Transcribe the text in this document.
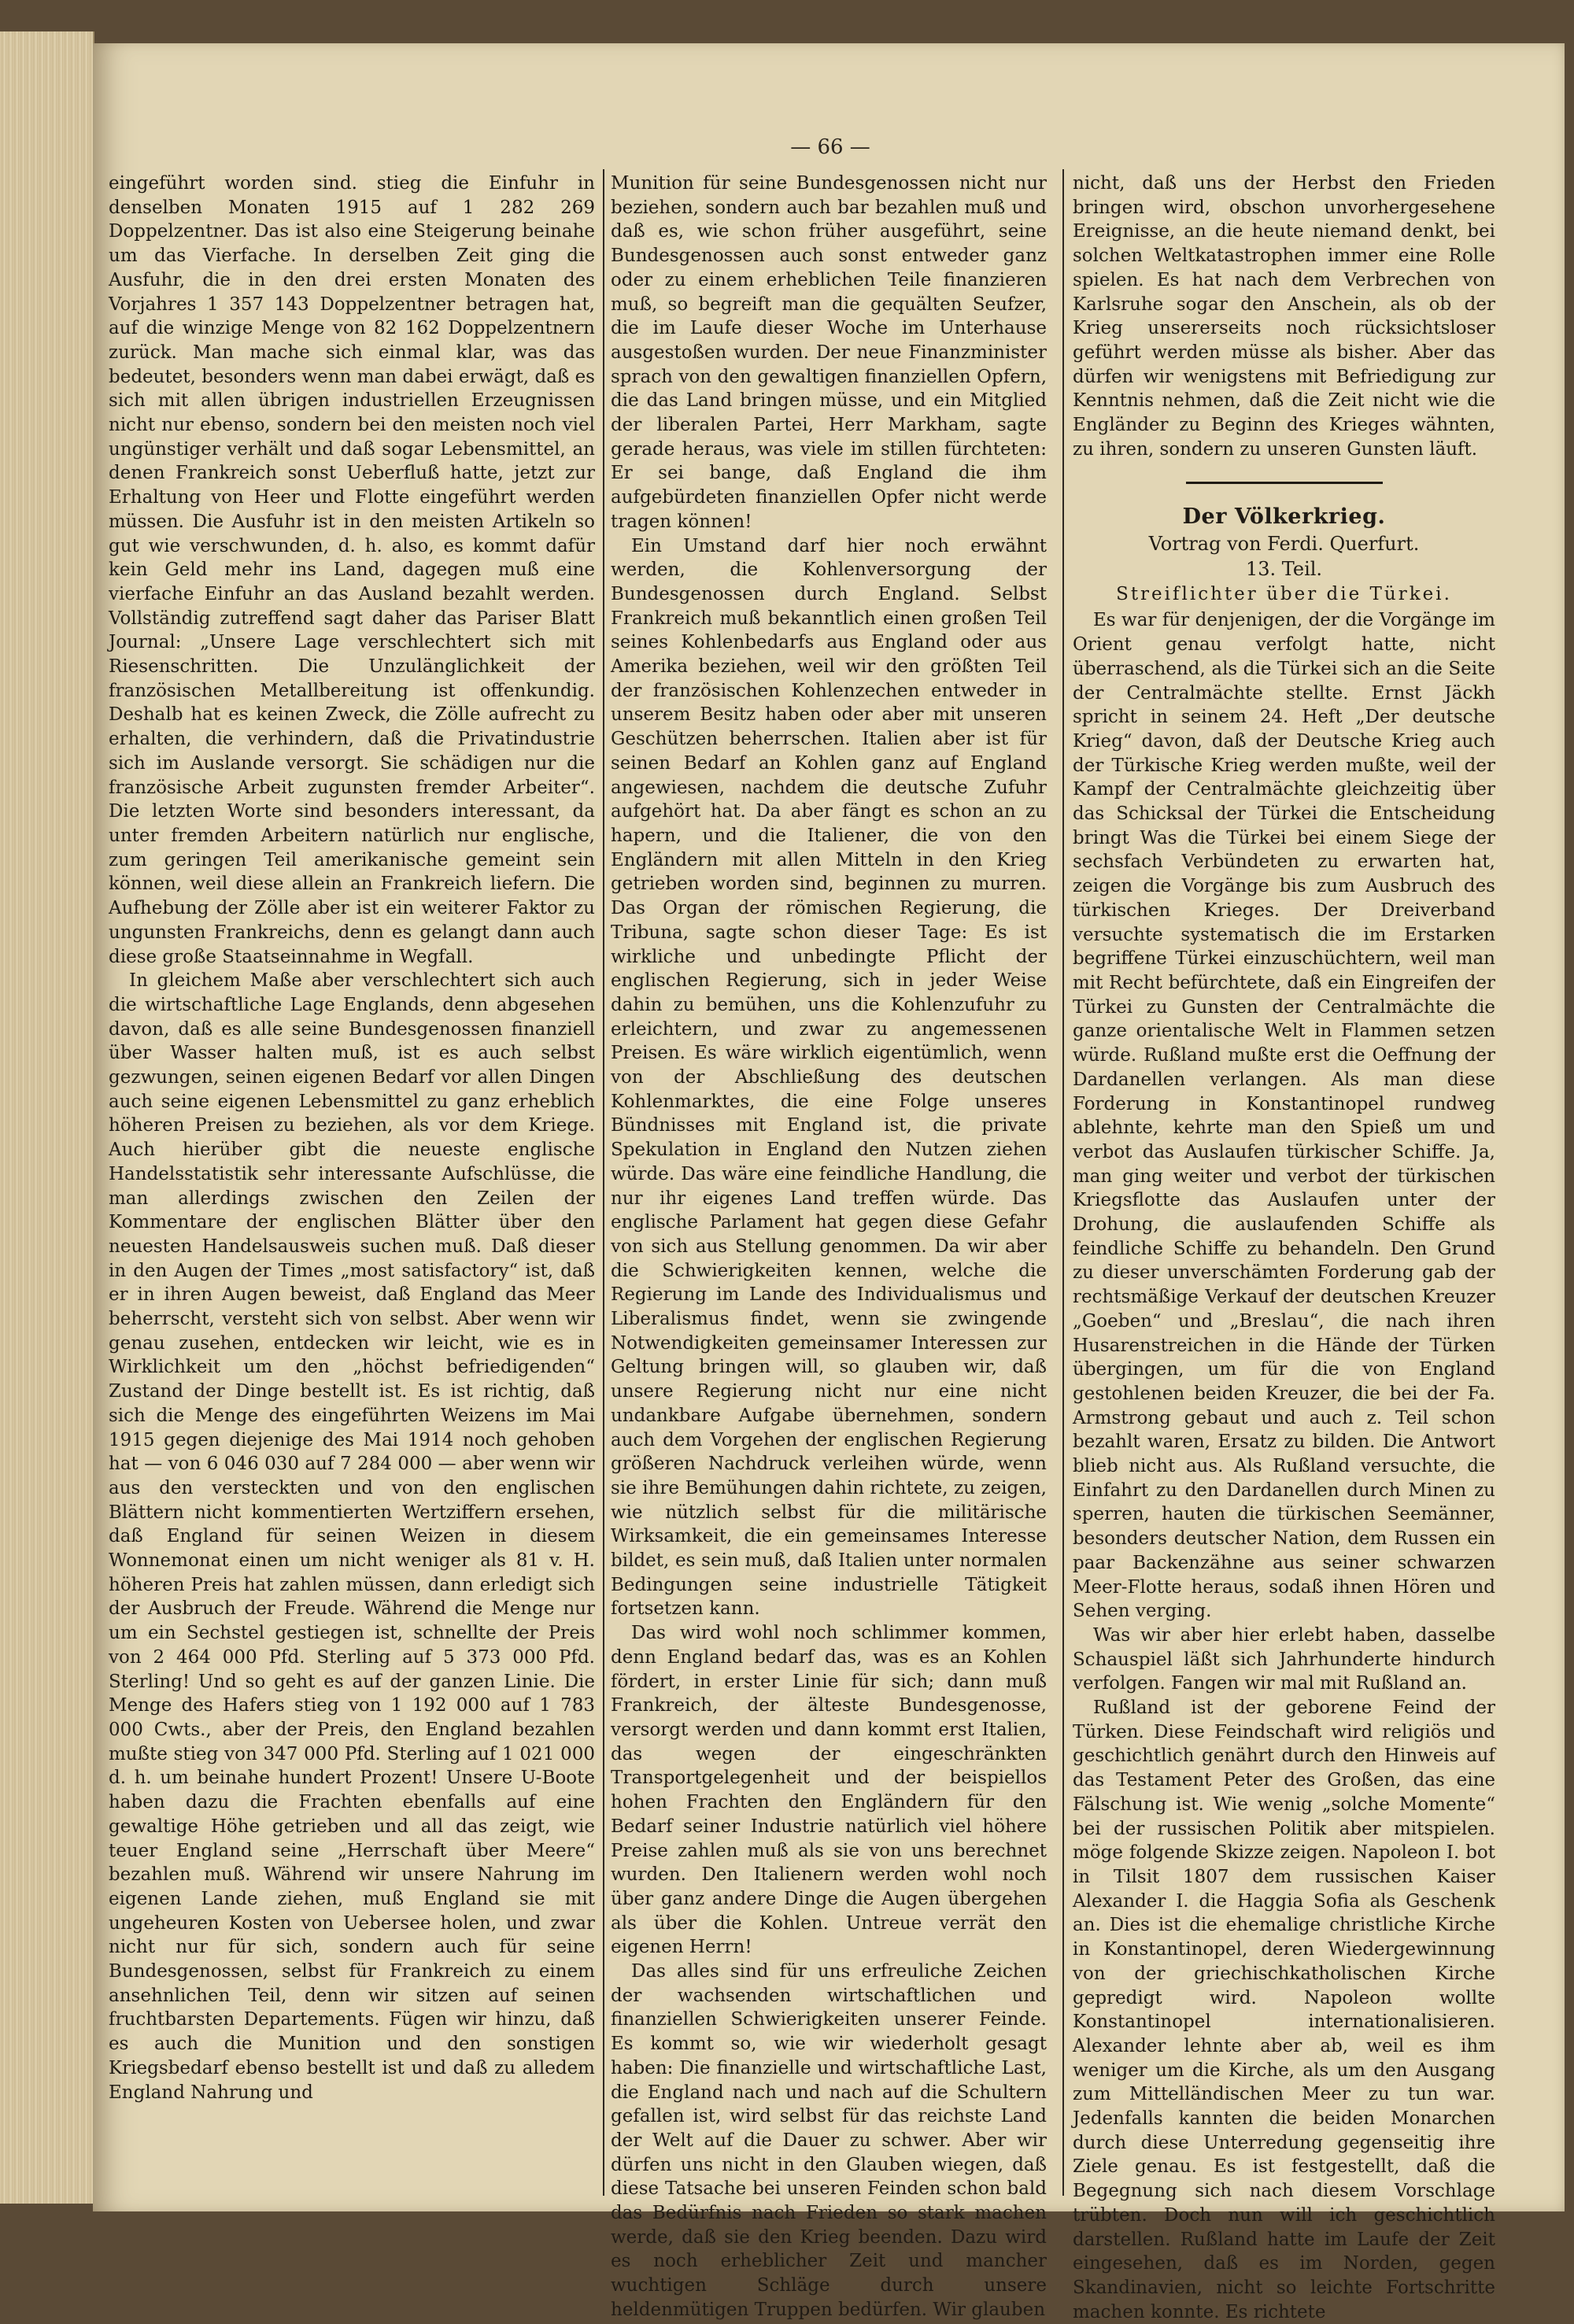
— 66 —

eingeführt worden sind. stieg die Einfuhr in denselben Monaten 1915 auf 1 282 269 Doppelzentner. Das ist also eine Steigerung beinahe um das Vierfache. In derselben Zeit ging die Ausfuhr, die in den drei ersten Monaten des Vorjahres 1 357 143 Doppelzentner betragen hat, auf die winzige Menge von 82 162 Doppelzentnern zurück. Man mache sich einmal klar, was das bedeutet, besonders wenn man dabei erwägt, daß es sich mit allen übrigen industriellen Erzeugnissen nicht nur ebenso, sondern bei den meisten noch viel ungünstiger verhält und daß sogar Lebensmittel, an denen Frankreich sonst Ueberfluß hatte, jetzt zur Erhaltung von Heer und Flotte eingeführt werden müssen. Die Ausfuhr ist in den meisten Artikeln so gut wie verschwunden, d. h. also, es kommt dafür kein Geld mehr ins Land, dagegen muß eine vierfache Einfuhr an das Ausland bezahlt werden. Vollständig zutreffend sagt daher das Pariser Blatt Journal: „Unsere Lage verschlechtert sich mit Riesenschritten. Die Unzulänglichkeit der französischen Metallbereitung ist offenkundig. Deshalb hat es keinen Zweck, die Zölle aufrecht zu erhalten, die verhindern, daß die Privatindustrie sich im Auslande versorgt. Sie schädigen nur die französische Arbeit zugunsten fremder Arbeiter“. Die letzten Worte sind besonders interessant, da unter fremden Arbeitern natürlich nur englische, zum geringen Teil amerikanische gemeint sein können, weil diese allein an Frankreich liefern. Die Aufhebung der Zölle aber ist ein weiterer Faktor zu ungunsten Frankreichs, denn es gelangt dann auch diese große Staatseinnahme in Wegfall.

In gleichem Maße aber verschlechtert sich auch die wirtschaftliche Lage Englands, denn abgesehen davon, daß es alle seine Bundesgenossen finanziell über Wasser halten muß, ist es auch selbst gezwungen, seinen eigenen Bedarf vor allen Dingen auch seine eigenen Lebensmittel zu ganz erheblich höheren Preisen zu beziehen, als vor dem Kriege. Auch hierüber gibt die neueste englische Handelsstatistik sehr interessante Aufschlüsse, die man allerdings zwischen den Zeilen der Kommentare der englischen Blätter über den neuesten Handelsausweis suchen muß. Daß dieser in den Augen der Times „most satisfactory“ ist, daß er in ihren Augen beweist, daß England das Meer beherrscht, versteht sich von selbst. Aber wenn wir genau zusehen, entdecken wir leicht, wie es in Wirklichkeit um den „höchst befriedigenden“ Zustand der Dinge bestellt ist. Es ist richtig, daß sich die Menge des eingeführten Weizens im Mai 1915 gegen diejenige des Mai 1914 noch gehoben hat — von 6 046 030 auf 7 284 000 — aber wenn wir aus den versteckten und von den englischen Blättern nicht kommentierten Wertziffern ersehen, daß England für seinen Weizen in diesem Wonnemonat einen um nicht weniger als 81 v. H. höheren Preis hat zahlen müssen, dann erledigt sich der Ausbruch der Freude. Während die Menge nur um ein Sechstel gestiegen ist, schnellte der Preis von 2 464 000 Pfd. Sterling auf 5 373 000 Pfd. Sterling! Und so geht es auf der ganzen Linie. Die Menge des Hafers stieg von 1 192 000 auf 1 783 000 Cwts., aber der Preis, den England bezahlen mußte stieg von 347 000 Pfd. Sterling auf 1 021 000 d. h. um beinahe hundert Prozent! Unsere U-Boote haben dazu die Frachten ebenfalls auf eine gewaltige Höhe getrieben und all das zeigt, wie teuer England seine „Herrschaft über Meere“ bezahlen muß. Während wir unsere Nahrung im eigenen Lande ziehen, muß England sie mit ungeheuren Kosten von Uebersee holen, und zwar nicht nur für sich, sondern auch für seine Bundesgenossen, selbst für Frankreich zu einem ansehnlichen Teil, denn wir sitzen auf seinen fruchtbarsten Departements. Fügen wir hinzu, daß es auch die Munition und den sonstigen Kriegsbedarf ebenso bestellt ist und daß zu alledem England Nahrung und

Munition für seine Bundesgenossen nicht nur beziehen, sondern auch bar bezahlen muß und daß es, wie schon früher ausgeführt, seine Bundesgenossen auch sonst entweder ganz oder zu einem erheblichen Teile finanzieren muß, so begreift man die gequälten Seufzer, die im Laufe dieser Woche im Unterhause ausgestoßen wurden. Der neue Finanzminister sprach von den gewaltigen finanziellen Opfern, die das Land bringen müsse, und ein Mitglied der liberalen Partei, Herr Markham, sagte gerade heraus, was viele im stillen fürchteten: Er sei bange, daß England die ihm aufgebürdeten finanziellen Opfer nicht werde tragen können!

Ein Umstand darf hier noch erwähnt werden, die Kohlenversorgung der Bundesgenossen durch England. Selbst Frankreich muß bekanntlich einen großen Teil seines Kohlenbedarfs aus England oder aus Amerika beziehen, weil wir den größten Teil der französischen Kohlenzechen entweder in unserem Besitz haben oder aber mit unseren Geschützen beherrschen. Italien aber ist für seinen Bedarf an Kohlen ganz auf England angewiesen, nachdem die deutsche Zufuhr aufgehört hat. Da aber fängt es schon an zu hapern, und die Italiener, die von den Engländern mit allen Mitteln in den Krieg getrieben worden sind, beginnen zu murren. Das Organ der römischen Regierung, die Tribuna, sagte schon dieser Tage: Es ist wirkliche und unbedingte Pflicht der englischen Regierung, sich in jeder Weise dahin zu bemühen, uns die Kohlenzufuhr zu erleichtern, und zwar zu angemessenen Preisen. Es wäre wirklich eigentümlich, wenn von der Abschließung des deutschen Kohlenmarktes, die eine Folge unseres Bündnisses mit England ist, die private Spekulation in England den Nutzen ziehen würde. Das wäre eine feindliche Handlung, die nur ihr eigenes Land treffen würde. Das englische Parlament hat gegen diese Gefahr von sich aus Stellung genommen. Da wir aber die Schwierigkeiten kennen, welche die Regierung im Lande des Individualismus und Liberalismus findet, wenn sie zwingende Notwendigkeiten gemeinsamer Interessen zur Geltung bringen will, so glauben wir, daß unsere Regierung nicht nur eine nicht undankbare Aufgabe übernehmen, sondern auch dem Vorgehen der englischen Regierung größeren Nachdruck verleihen würde, wenn sie ihre Bemühungen dahin richtete, zu zeigen, wie nützlich selbst für die militärische Wirksamkeit, die ein gemeinsames Interesse bildet, es sein muß, daß Italien unter normalen Bedingungen seine industrielle Tätigkeit fortsetzen kann.

Das wird wohl noch schlimmer kommen, denn England bedarf das, was es an Kohlen fördert, in erster Linie für sich; dann muß Frankreich, der älteste Bundesgenosse, versorgt werden und dann kommt erst Italien, das wegen der eingeschränkten Transportgelegenheit und der beispiellos hohen Frachten den Engländern für den Bedarf seiner Industrie natürlich viel höhere Preise zahlen muß als sie von uns berechnet wurden. Den Italienern werden wohl noch über ganz andere Dinge die Augen übergehen als über die Kohlen. Untreue verrät den eigenen Herrn!

Das alles sind für uns erfreuliche Zeichen der wachsenden wirtschaftlichen und finanziellen Schwierigkeiten unserer Feinde. Es kommt so, wie wir wiederholt gesagt haben: Die finanzielle und wirtschaftliche Last, die England nach und nach auf die Schultern gefallen ist, wird selbst für das reichste Land der Welt auf die Dauer zu schwer. Aber wir dürfen uns nicht in den Glauben wiegen, daß diese Tatsache bei unseren Feinden schon bald das Bedürfnis nach Frieden so stark machen werde, daß sie den Krieg beenden. Dazu wird es noch erheblicher Zeit und mancher wuchtigen Schläge durch unsere heldenmütigen Truppen bedürfen. Wir glauben

nicht, daß uns der Herbst den Frieden bringen wird, obschon unvorhergesehene Ereignisse, an die heute niemand denkt, bei solchen Weltkatastrophen immer eine Rolle spielen. Es hat nach dem Verbrechen von Karlsruhe sogar den Anschein, als ob der Krieg unsererseits noch rücksichtsloser geführt werden müsse als bisher. Aber das dürfen wir wenigstens mit Befriedigung zur Kenntnis nehmen, daß die Zeit nicht wie die Engländer zu Beginn des Krieges wähnten, zu ihren, sondern zu unseren Gunsten läuft.

Der Völkerkrieg.
Vortrag von Ferdi. Querfurt.
13. Teil.
Streiflichter über die Türkei.

Es war für denjenigen, der die Vorgänge im Orient genau verfolgt hatte, nicht überraschend, als die Türkei sich an die Seite der Centralmächte stellte. Ernst Jäckh spricht in seinem 24. Heft „Der deutsche Krieg“ davon, daß der Deutsche Krieg auch der Türkische Krieg werden mußte, weil der Kampf der Centralmächte gleichzeitig über das Schicksal der Türkei die Entscheidung bringt Was die Türkei bei einem Siege der sechsfach Verbündeten zu erwarten hat, zeigen die Vorgänge bis zum Ausbruch des türkischen Krieges. Der Dreiverband versuchte systematisch die im Erstarken begriffene Türkei einzuschüchtern, weil man mit Recht befürchtete, daß ein Eingreifen der Türkei zu Gunsten der Centralmächte die ganze orientalische Welt in Flammen setzen würde. Rußland mußte erst die Oeffnung der Dardanellen verlangen. Als man diese Forderung in Konstantinopel rundweg ablehnte, kehrte man den Spieß um und verbot das Auslaufen türkischer Schiffe. Ja, man ging weiter und verbot der türkischen Kriegsflotte das Auslaufen unter der Drohung, die auslaufenden Schiffe als feindliche Schiffe zu behandeln. Den Grund zu dieser unverschämten Forderung gab der rechtsmäßige Verkauf der deutschen Kreuzer „Goeben“ und „Breslau“, die nach ihren Husarenstreichen in die Hände der Türken übergingen, um für die von England gestohlenen beiden Kreuzer, die bei der Fa. Armstrong gebaut und auch z. Teil schon bezahlt waren, Ersatz zu bilden. Die Antwort blieb nicht aus. Als Rußland versuchte, die Einfahrt zu den Dardanellen durch Minen zu sperren, hauten die türkischen Seemänner, besonders deutscher Nation, dem Russen ein paar Backenzähne aus seiner schwarzen Meer-Flotte heraus, sodaß ihnen Hören und Sehen verging.

Was wir aber hier erlebt haben, dasselbe Schauspiel läßt sich Jahrhunderte hindurch verfolgen. Fangen wir mal mit Rußland an.

Rußland ist der geborene Feind der Türken. Diese Feindschaft wird religiös und geschichtlich genährt durch den Hinweis auf das Testament Peter des Großen, das eine Fälschung ist. Wie wenig „solche Momente“ bei der russischen Politik aber mitspielen. möge folgende Skizze zeigen. Napoleon I. bot in Tilsit 1807 dem russischen Kaiser Alexander I. die Haggia Sofia als Geschenk an. Dies ist die ehemalige christliche Kirche in Konstantinopel, deren Wiedergewinnung von der griechischkatholischen Kirche gepredigt wird. Napoleon wollte Konstantinopel internationalisieren. Alexander lehnte aber ab, weil es ihm weniger um die Kirche, als um den Ausgang zum Mittelländischen Meer zu tun war. Jedenfalls kannten die beiden Monarchen durch diese Unterredung gegenseitig ihre Ziele genau. Es ist festgestellt, daß die Begegnung sich nach diesem Vorschlage trübten. Doch nun will ich geschichtlich darstellen. Rußland hatte im Laufe der Zeit eingesehen, daß es im Norden, gegen Skandinavien, nicht so leichte Fortschritte machen konnte. Es richtete
